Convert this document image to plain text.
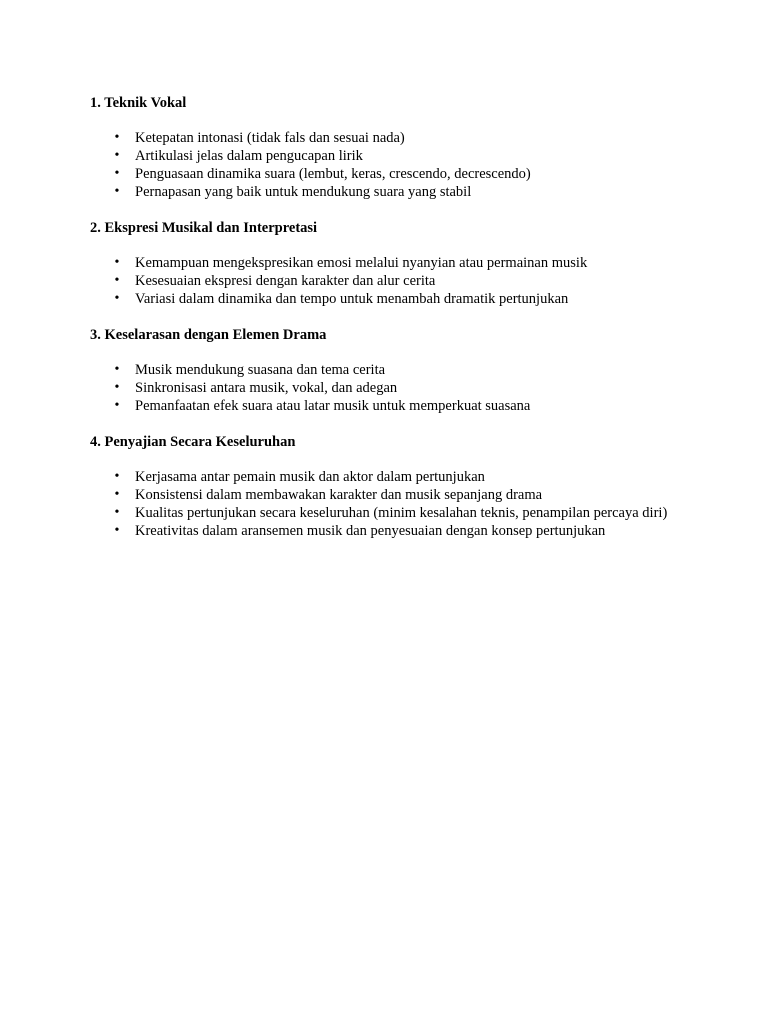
1. Teknik Vokal
• Ketepatan intonasi (tidak fals dan sesuai nada)
• Artikulasi jelas dalam pengucapan lirik
• Penguasaan dinamika suara (lembut, keras, crescendo, decrescendo)
• Pernapasan yang baik untuk mendukung suara yang stabil
2. Ekspresi Musikal dan Interpretasi
• Kemampuan mengekspresikan emosi melalui nyanyian atau permainan musik
• Kesesuaian ekspresi dengan karakter dan alur cerita
• Variasi dalam dinamika dan tempo untuk menambah dramatik pertunjukan
3. Keselarasan dengan Elemen Drama
• Musik mendukung suasana dan tema cerita
• Sinkronisasi antara musik, vokal, dan adegan
• Pemanfaatan efek suara atau latar musik untuk memperkuat suasana
4. Penyajian Secara Keseluruhan
• Kerjasama antar pemain musik dan aktor dalam pertunjukan
• Konsistensi dalam membawakan karakter dan musik sepanjang drama
• Kualitas pertunjukan secara keseluruhan (minim kesalahan teknis, penampilan percaya diri)
• Kreativitas dalam aransemen musik dan penyesuaian dengan konsep pertunjukan
